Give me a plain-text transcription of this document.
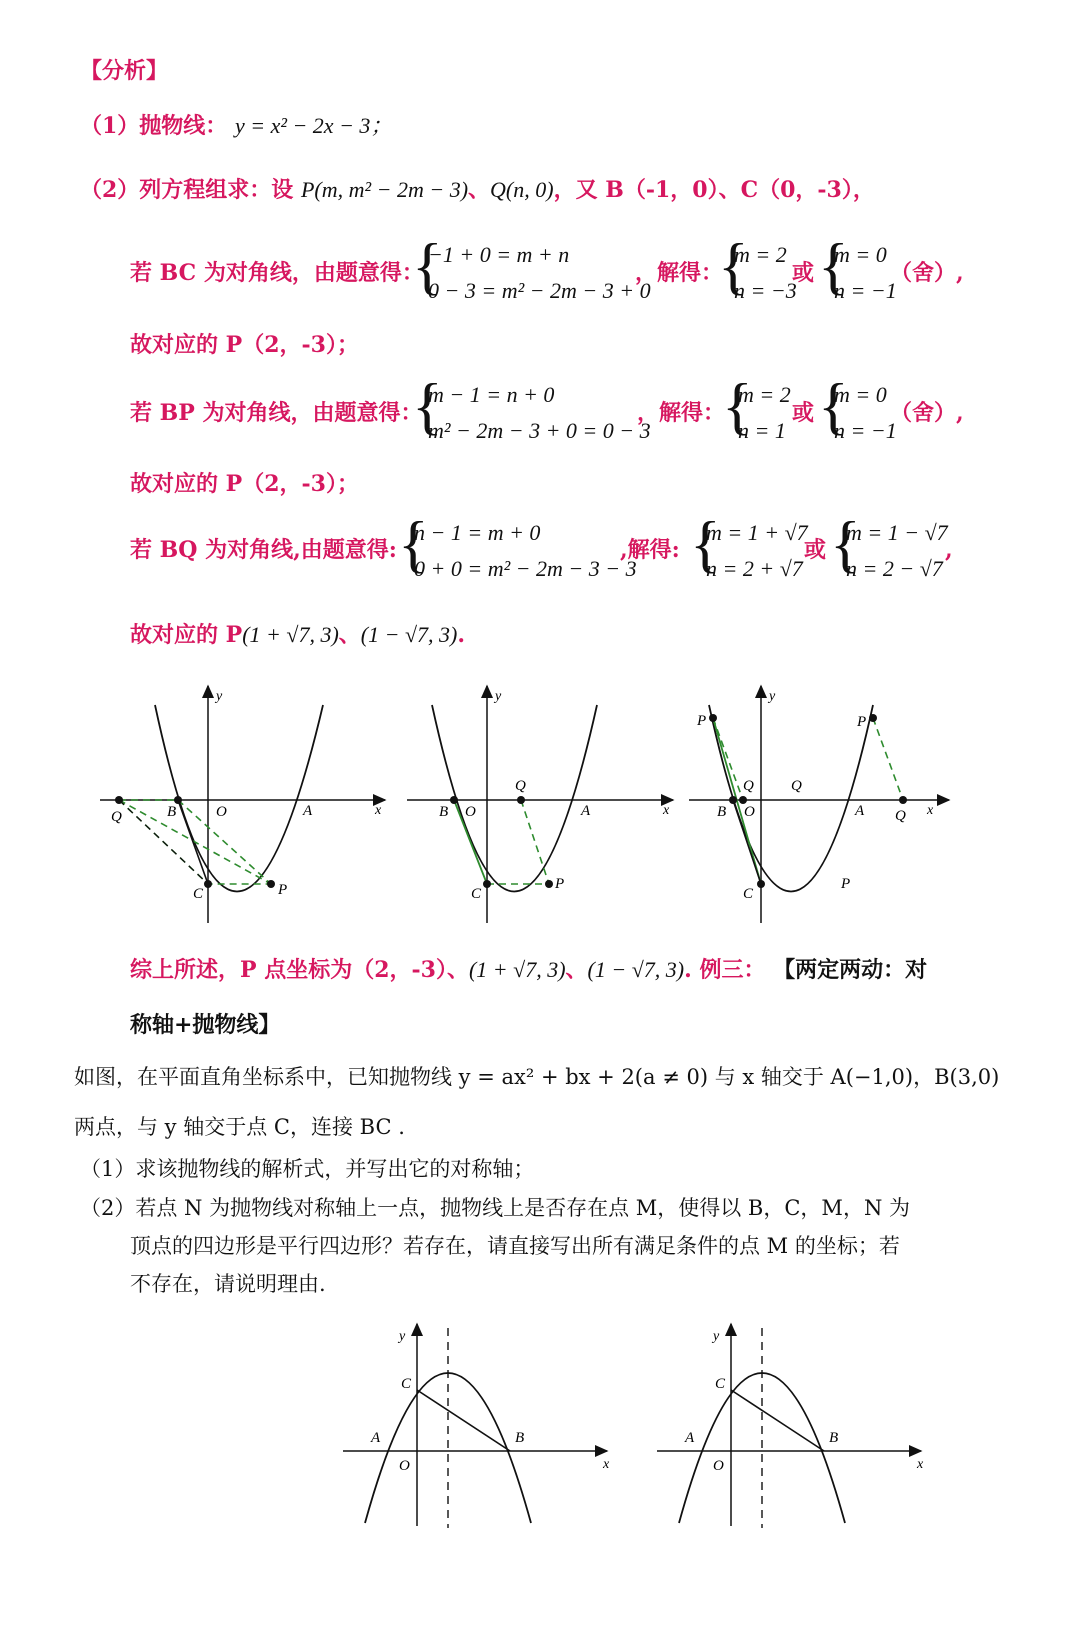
【分析】
（1）抛物线： y = x² − 2x − 3；
（2）列方程组求：设 P(m, m² − 2m − 3)、Q(n, 0)，又 B（-1，0）、C（0，-3），
若 BC 为对角线，由题意得：
{
−1 + 0 = m + n
0 − 3 = m² − 2m − 3 + 0
，解得：
{
m = 2
n = −3
或 {
m = 0
n = −1
（舍）,
故对应的 P（2，-3）；
若 BP 为对角线，由题意得：
{
m − 1 = n + 0
m² − 2m − 3 + 0 = 0 − 3
，解得：
{
m = 2
n = 1
或 {
m = 0
n = −1
（舍）,
故对应的 P（2，-3）；
若 BQ 为对角线,由题意得: {
n − 1 = m + 0
0 + 0 = m² − 2m − 3 − 3
,解得: {
m = 1 + √7
n = 2 + √7
或 {
m = 1 − √7
n = 2 − √7
,
故对应的 P(1 + √7, 3)、(1 − √7, 3).
Q	B	O	A	x
y
C	P
B O
Q
A	x
y
C
P
P	P
Q Q
B O	A Q x
y
C
P
综上所述，P 点坐标为（2，-3）、(1 + √7, 3)、(1 − √7, 3). 例三： 【两定两动：对
称轴+抛物线】
如图，在平面直角坐标系中，已知抛物线 y = ax² + bx + 2(a ≠ 0) 与 x 轴交于 A(−1,0)，B(3,0)
两点，与 y 轴交于点 C，连接 BC .
（1）求该抛物线的解析式，并写出它的对称轴；
（2）若点 N 为抛物线对称轴上一点，抛物线上是否存在点 M，使得以 B，C，M，N 为
顶点的四边形是平行四边形？若存在，请直接写出所有满足条件的点 M 的坐标；若
不存在，请说明理由.
A	B
C
O
y
x
A	B
C
O
y
x
